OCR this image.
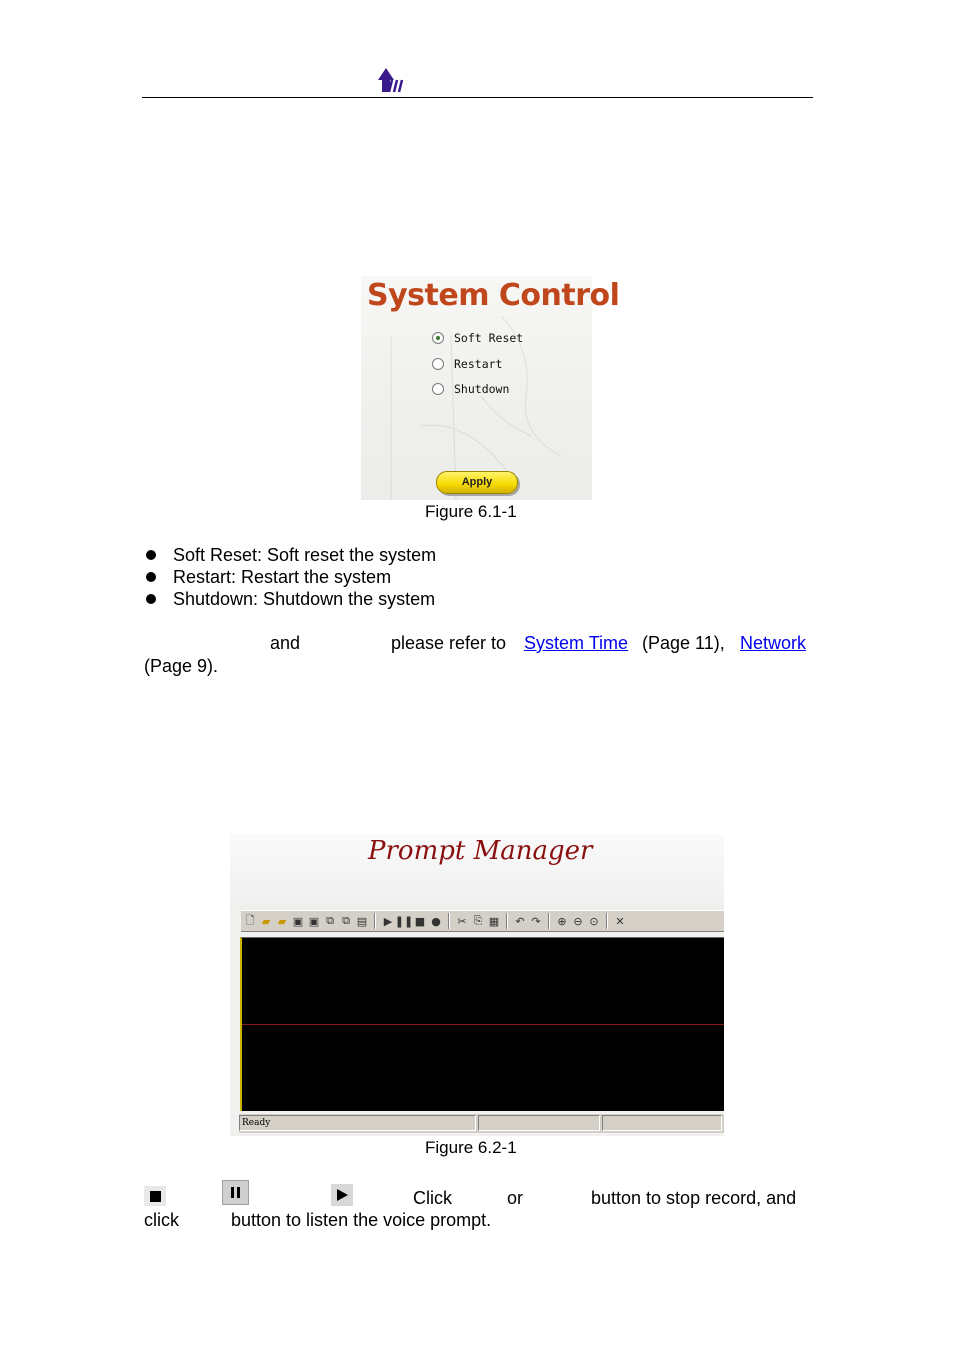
System Control
Soft Reset
Restart
Shutdown
Apply
Figure 6.1-1
Soft Reset: Soft reset the system
Restart: Restart the system
Shutdown: Shutdown the system
and	please refer to System Time (Page 11), Network
(Page 9).
Prompt Manager
🗋 ▰ ▰ ▣ ▣ ⧉ ⧉ ▤ ▶ ❚❚ ■ ● ✂ ⎘ ▦ ↶ ↷ ⊕ ⊖ ⊙ ✕
Ready
Figure 6.2-1
Click	or	button to stop record, and
click	button to listen the voice prompt.
